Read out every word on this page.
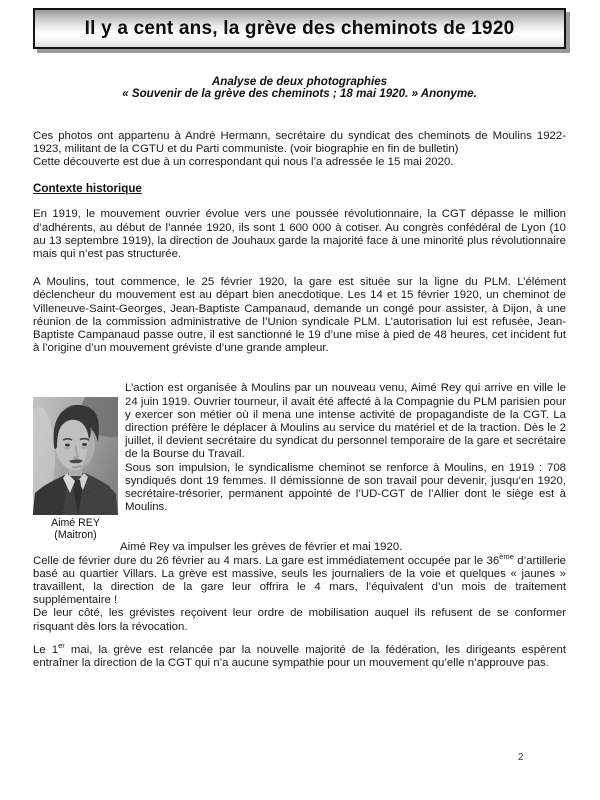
Il y a cent ans, la grève des cheminots de 1920
Analyse de deux photographies
« Souvenir de la grève des cheminots ; 18 mai 1920. » Anonyme.

Ces photos ont appartenu à André Hermann, secrétaire du syndicat des cheminots de Moulins 1922-1923, militant de la CGTU et du Parti communiste. (voir biographie en fin de bulletin)
Cette découverte est due à un correspondant qui nous l’a adressée le 15 mai 2020.

Contexte historique

En 1919, le mouvement ouvrier évolue vers une poussée révolutionnaire, la CGT dépasse le million d’adhérents, au début de l’année 1920, ils sont 1 600 000 à cotiser. Au congrès confédéral de Lyon (10 au 13 septembre 1919), la direction de Jouhaux garde la majorité face à une minorité plus révolutionnaire mais qui n’est pas structurée.

A Moulins, tout commence, le 25 février 1920, la gare est située sur la ligne du PLM. L’élément déclencheur du mouvement est au départ bien anecdotique. Les 14 et 15 février 1920, un cheminot de Villeneuve-Saint-Georges, Jean-Baptiste Campanaud, demande un congé pour assister, à Dijon, à une réunion de la commission administrative de l’Union syndicale PLM. L’autorisation lui est refusée, Jean-Baptiste Campanaud passe outre, il est sanctionné le 19 d’une mise à pied de 48 heures, cet incident fut à l’origine d’un mouvement gréviste d’une grande ampleur.

Aimé REY
(Maitron)

L’action est organisée à Moulins par un nouveau venu, Aimé Rey qui arrive en ville le 24 juin 1919. Ouvrier tourneur, il avait été affecté à la Compagnie du PLM parisien pour y exercer son métier où il mena une intense activité de propagandiste de la CGT. La direction préfère le déplacer à Moulins au service du matériel et de la traction. Dès le 2 juillet, il devient secrétaire du syndicat du personnel temporaire de la gare et secrétaire de la Bourse du Travail.

Sous son impulsion, le syndicalisme cheminot se renforce à Moulins, en 1919 : 708 syndiqués dont 19 femmes. Il démissionne de son travail pour devenir, jusqu’en 1920, secrétaire-trésorier, permanent appointé de l’UD-CGT de l’Allier dont le siège est à Moulins.

Aimé Rey va impulser les grèves de février et mai 1920.

Celle de février dure du 26 février au 4 mars. La gare est immédiatement occupée par le 36ème d’artillerie basé au quartier Villars. La grève est massive, seuls les journaliers de la voie et quelques « jaunes » travaillent, la direction de la gare leur offrira le 4 mars, l’équivalent d’un mois de traitement supplémentaire !

De leur côté, les grévistes reçoivent leur ordre de mobilisation auquel ils refusent de se conformer risquant dès lors la révocation.

Le 1er mai, la grève est relancée par la nouvelle majorité de la fédération, les dirigeants espèrent entraîner la direction de la CGT qui n’a aucune sympathie pour un mouvement qu’elle n’approuve pas.

2
